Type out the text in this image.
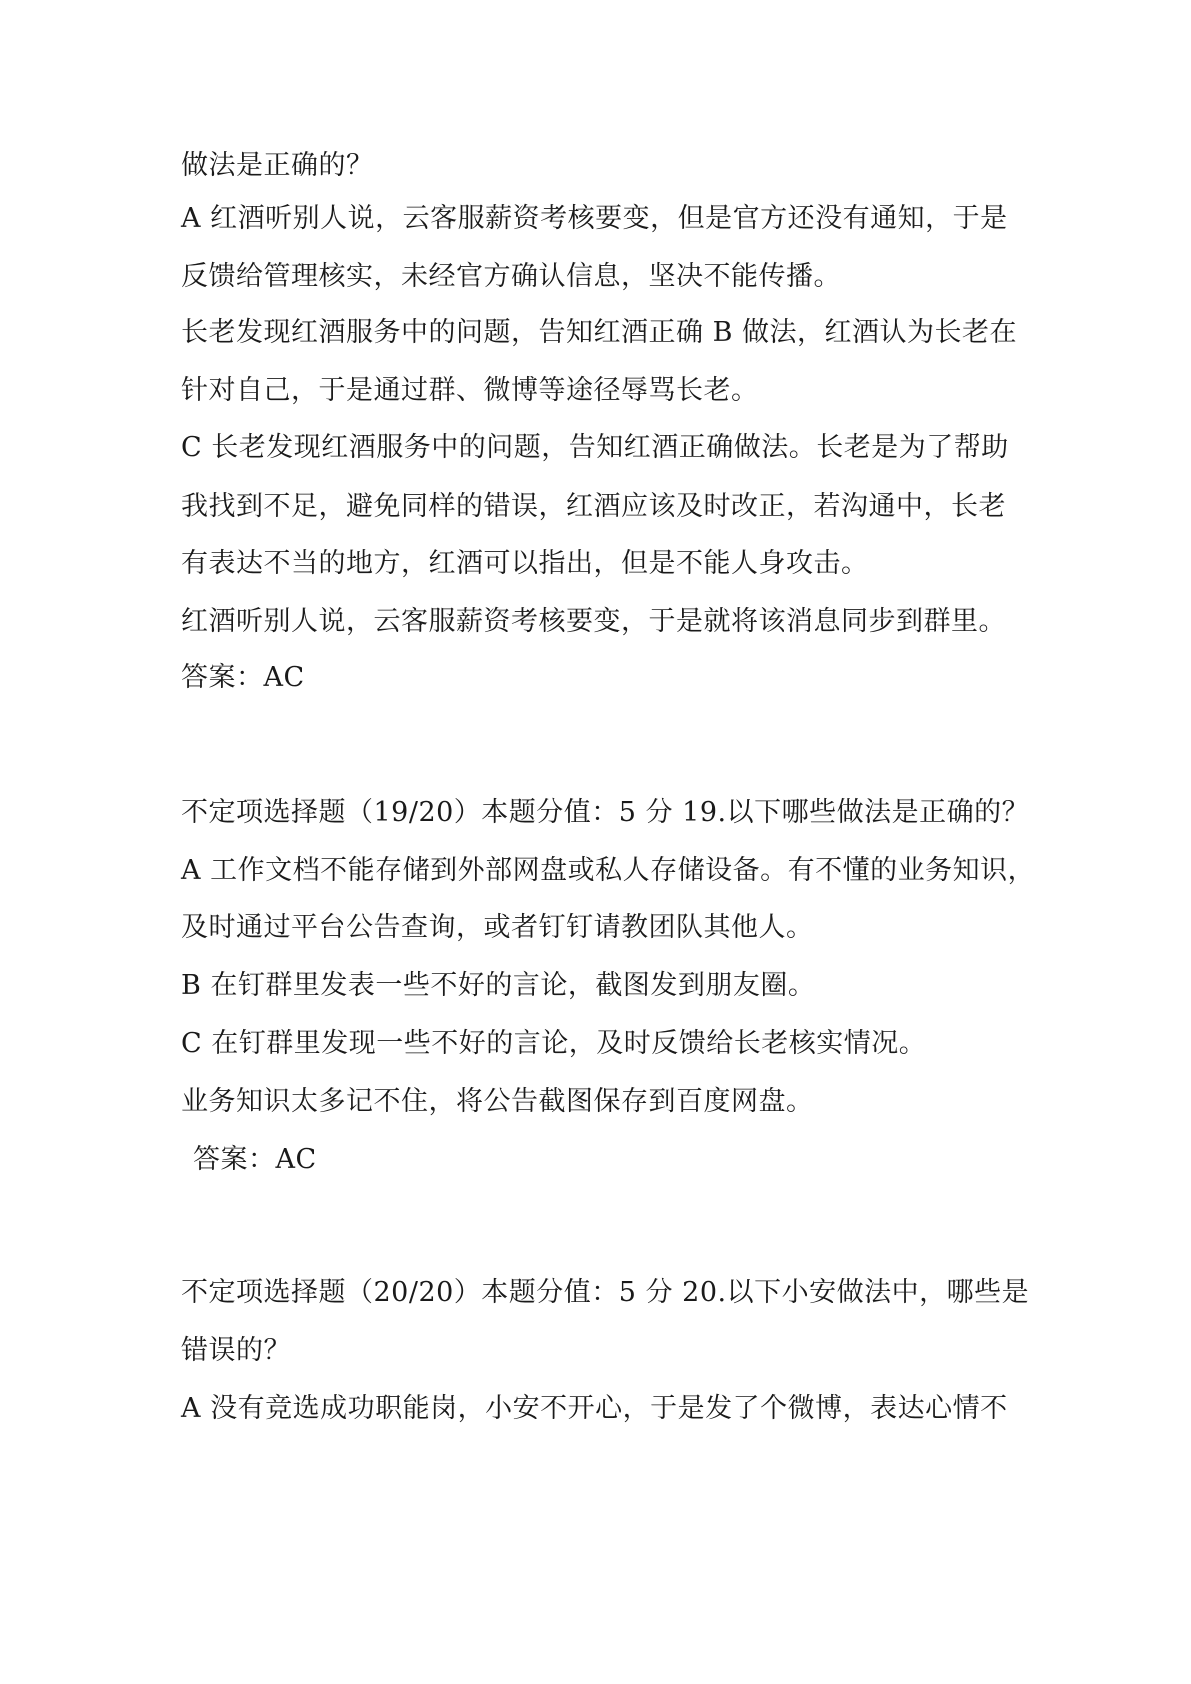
做法是正确的？
A 红酒听别人说，云客服薪资考核要变，但是官方还没有通知，于是
反馈给管理核实，未经官方确认信息，坚决不能传播。
长老发现红酒服务中的问题，告知红酒正确 B 做法，红酒认为长老在
针对自己，于是通过群、微博等途径辱骂长老。
C 长老发现红酒服务中的问题，告知红酒正确做法。长老是为了帮助
我找到不足，避免同样的错误，红酒应该及时改正，若沟通中，长老
有表达不当的地方，红酒可以指出，但是不能人身攻击。
红酒听别人说，云客服薪资考核要变，于是就将该消息同步到群里。
答案：AC
不定项选择题（19/20）本题分值：5 分 19.以下哪些做法是正确的？
A 工作文档不能存储到外部网盘或私人存储设备。有不懂的业务知识，
及时通过平台公告查询，或者钉钉请教团队其他人。
B 在钉群里发表一些不好的言论，截图发到朋友圈。
C 在钉群里发现一些不好的言论，及时反馈给长老核实情况。
业务知识太多记不住，将公告截图保存到百度网盘。
答案：AC
不定项选择题（20/20）本题分值：5 分 20.以下小安做法中，哪些是
错误的？
A 没有竞选成功职能岗，小安不开心，于是发了个微博，表达心情不
